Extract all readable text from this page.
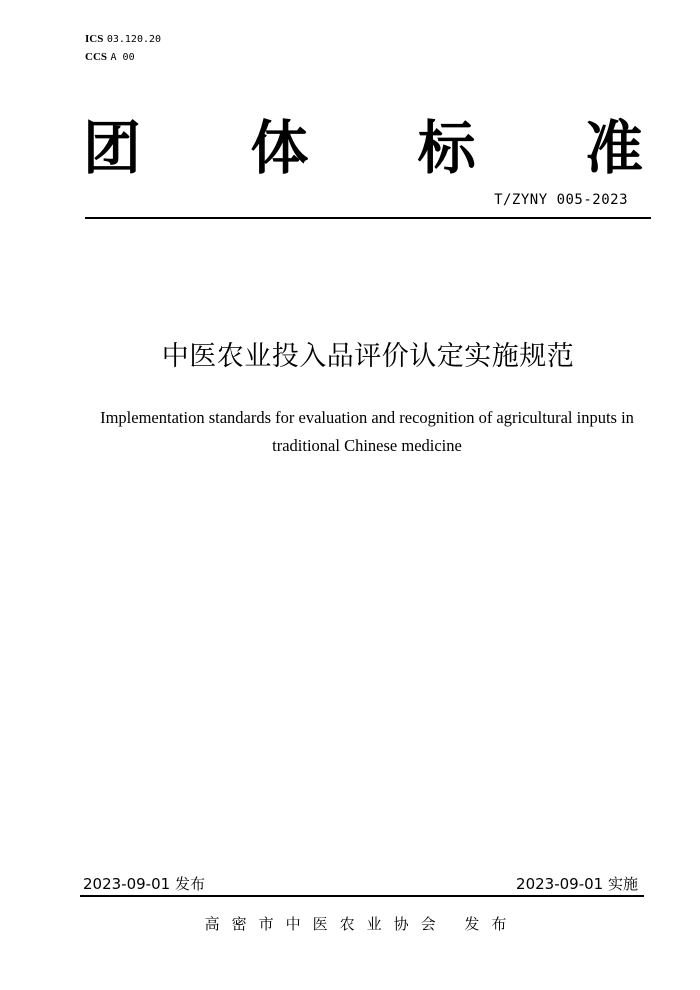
ICS 03.120.20
CCS A 00
团 体 标 准
T/ZYNY 005-2023
中医农业投入品评价认定实施规范
Implementation standards for evaluation and recognition of agricultural inputs in traditional Chinese medicine
2023-09-01 发布	2023-09-01 实施
高密市中医农业协会 发布
